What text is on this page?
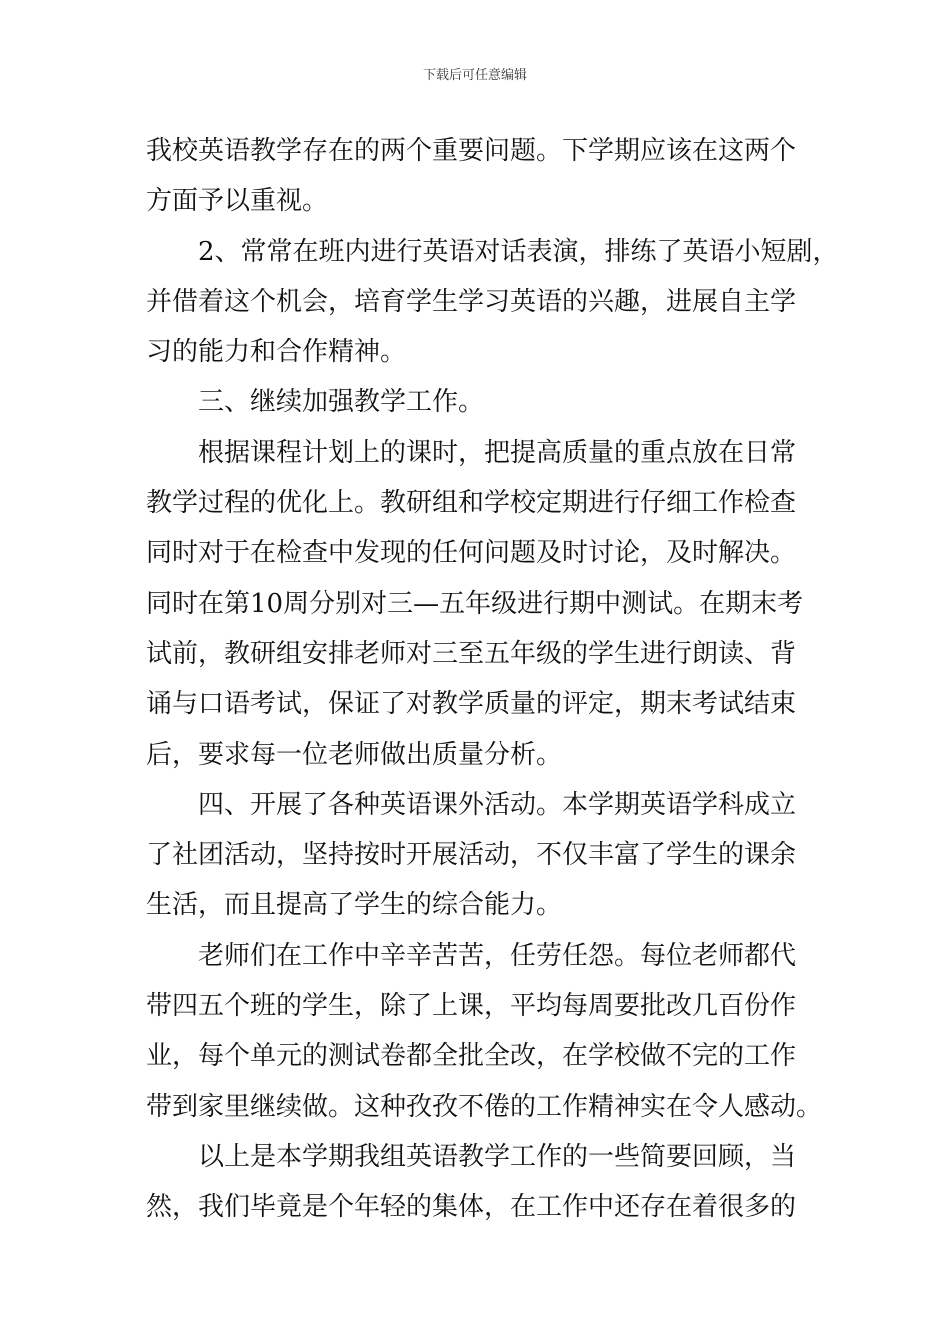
下载后可任意编辑
我校英语教学存在的两个重要问题。下学期应该在这两个
方面予以重视。
2、常常在班内进行英语对话表演，排练了英语小短剧，
并借着这个机会，培育学生学习英语的兴趣，进展自主学
习的能力和合作精神。
三、继续加强教学工作。
根据课程计划上的课时，把提高质量的重点放在日常
教学过程的优化上。教研组和学校定期进行仔细工作检查
同时对于在检查中发现的任何问题及时讨论，及时解决。
同时在第10周分别对三—五年级进行期中测试。在期末考
试前，教研组安排老师对三至五年级的学生进行朗读、背
诵与口语考试，保证了对教学质量的评定，期末考试结束
后，要求每一位老师做出质量分析。
四、开展了各种英语课外活动。本学期英语学科成立
了社团活动，坚持按时开展活动，不仅丰富了学生的课余
生活，而且提高了学生的综合能力。
老师们在工作中辛辛苦苦，任劳任怨。每位老师都代
带四五个班的学生，除了上课，平均每周要批改几百份作
业，每个单元的测试卷都全批全改，在学校做不完的工作
带到家里继续做。这种孜孜不倦的工作精神实在令人感动。
以上是本学期我组英语教学工作的一些简要回顾，当
然，我们毕竟是个年轻的集体，在工作中还存在着很多的
